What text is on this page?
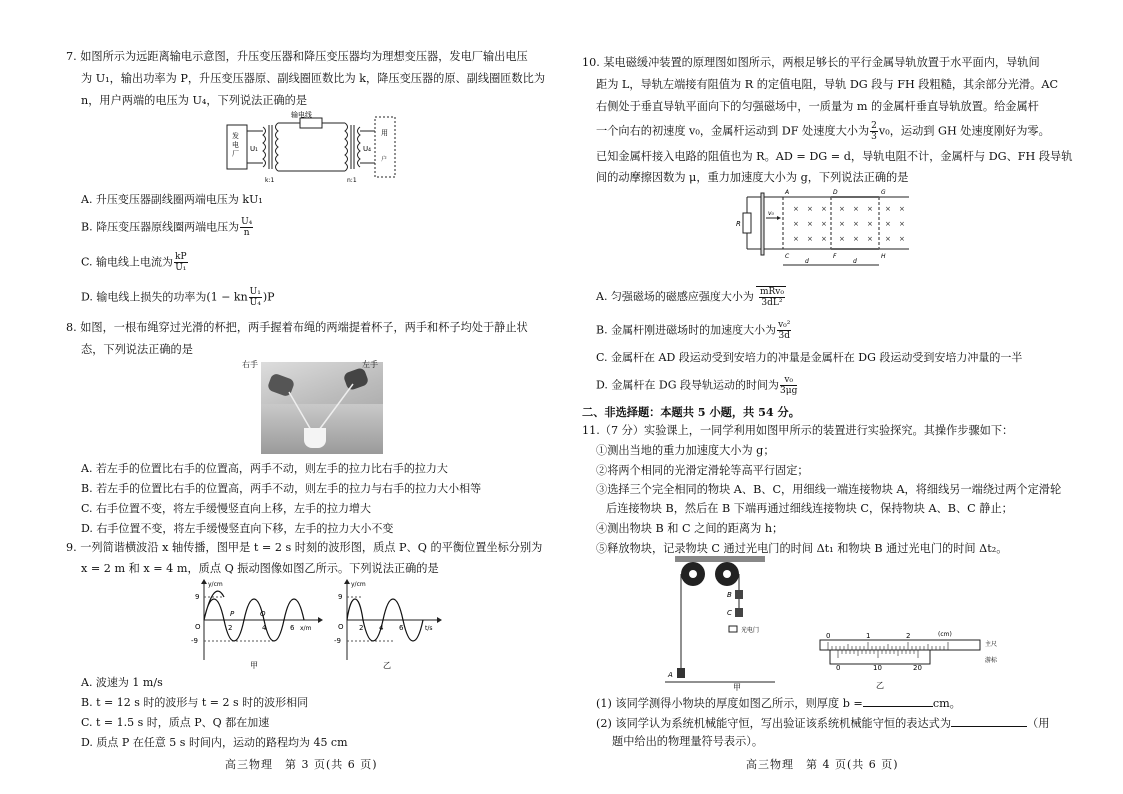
7. 如图所示为远距离输电示意图，升压变压器和降压变压器均为理想变压器，发电厂输出电压
为 U₁，输出功率为 P，升压变压器原、副线圈匝数比为 k，降压变压器的原、副线圈匝数比为
n，用户两端的电压为 U₄，下列说法正确的是
发电厂
U₁
输电线
U₄
用
户
k:1	n:1
A. 升压变压器副线圈两端电压为 kU₁
B. 降压变压器原线圈两端电压为 $\frac{\text{U₄}}{n}$
C. 输电线上电流为 $\frac{kP}{\text{U₁}}$
D. 输电线上损失的功率为(1 − kn $\frac{\text{U₁}}{\text{U₄}} )P$
8. 如图，一根布绳穿过光滑的杯把，两手握着布绳的两端提着杯子，两手和杯子均处于静止状
态，下列说法正确的是
右手	左手
A. 若左手的位置比右手的位置高，两手不动，则左手的拉力比右手的拉力大
B. 若左手的位置比右手的位置高，两手不动，则左手的拉力与右手的拉力大小相等
C. 右手位置不变，将左手缓慢竖直向上移，左手的拉力增大
D. 右手位置不变，将左手缓慢竖直向下移，左手的拉力大小不变
9. 一列简谐横波沿 x 轴传播，图甲是 t = 2 s 时刻的波形图，质点 P、Q 的平衡位置坐标分别为
x = 2 m 和 x = 4 m，质点 Q 振动图像如图乙所示。下列说法正确的是
y/cm
x/m
9
-9
O	2	4	6
P	Q
甲
y/cm
t/s
9
-9
O 2 4 6
乙
A. 波速为 1 m/s
B. t = 12 s 时的波形与 t = 2 s 时的波形相同
C. t = 1.5 s 时，质点 P、Q 都在加速
D. 质点 P 在任意 5 s 时间内，运动的路程均为 45 cm
高三物理　第 3 页(共 6 页)
10. 某电磁缓冲装置的原理图如图所示，两根足够长的平行金属导轨放置于水平面内，导轨间
距为 L，导轨左端接有阻值为 R 的定值电阻，导轨 DG 段与 FH 段粗糙，其余部分光滑。AC
右侧处于垂直导轨平面向下的匀强磁场中，一质量为 m 的金属杆垂直导轨放置。给金属杆
一个向右的初速度 v₀，金属杆运动到 DF 处速度大小为 $\frac{2}{3} v_0$，运动到 GH 处速度刚好为零。
已知金属杆接入电路的阻值也为 R。AD = DG = d，导轨电阻不计，金属杆与 DG、FH 段导轨
间的动摩擦因数为 μ，重力加速度大小为 g，下列说法正确的是
R
v₀
A	D	G
C	F	H
× × × × × × × ×
× × × × × × × ×
× × × × × × × ×
d	d
A. 匀强磁场的磁感应强度大小为 $\frac{\text{mRv₀}}{\text{3dL²}}$
B. 金属杆刚进磁场时的加速度大小为 $\frac{\text{v₀²}}{3d}$
C. 金属杆在 AD 段运动受到安培力的冲量是金属杆在 DG 段运动受到安培力冲量的一半
D. 金属杆在 DG 段导轨运动的时间为 $\frac{\text{v₀}}{3\mu g}$
二、非选择题：本题共 5 小题，共 54 分。
11.（7 分）实验课上，一同学利用如图甲所示的装置进行实验探究。其操作步骤如下：
①测出当地的重力加速度大小为 g；
②将两个相同的光滑定滑轮等高平行固定；
③选择三个完全相同的物块 A、B、C，用细线一端连接物块 A，将细线另一端绕过两个定滑轮
后连接物块 B，然后在 B 下端再通过细线连接物块 C，保持物块 A、B、C 静止；
④测出物块 B 和 C 之间的距离为 h；
⑤释放物块，记录物块 C 通过光电门的时间 Δt₁ 和物块 B 通过光电门的时间 Δt₂。
A
B
C
光电门
甲
(cm)
主尺
游标
0	1	2
0	10	20
乙
(1) 该同学测得小物块的厚度如图乙所示，则厚度 b =	cm。
(2) 该同学认为系统机械能守恒，写出验证该系统机械能守恒的表达式为	（用
题中给出的物理量符号表示）。
高三物理　第 4 页(共 6 页)
